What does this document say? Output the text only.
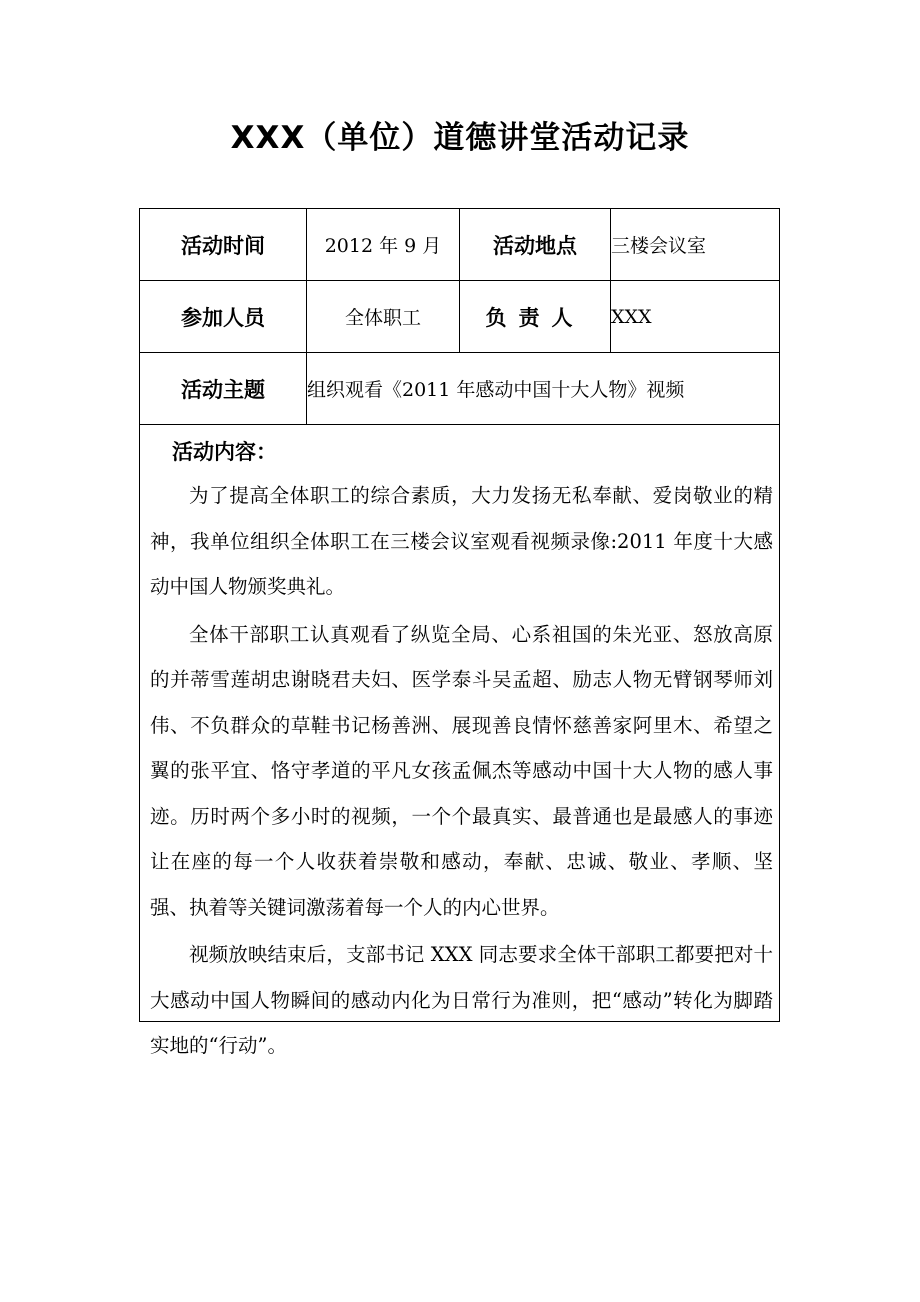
XXX（单位）道德讲堂活动记录
活动时间	2012 年 9 月	活动地点	三楼会议室
参加人员	全体职工	负责人	XXX
活动主题	组织观看《2011 年感动中国十大人物》视频		

活动内容：

为了提高全体职工的综合素质，大力发扬无私奉献、爱岗敬业的精神，我单位组织全体职工在三楼会议室观看视频录像:2011 年度十大感动中国人物颁奖典礼。

全体干部职工认真观看了纵览全局、心系祖国的朱光亚、怒放高原的并蒂雪莲胡忠谢晓君夫妇、医学泰斗吴孟超、励志人物无臂钢琴师刘伟、不负群众的草鞋书记杨善洲、展现善良情怀慈善家阿里木、希望之翼的张平宜、恪守孝道的平凡女孩孟佩杰等感动中国十大人物的感人事迹。历时两个多小时的视频，一个个最真实、最普通也是最感人的事迹让在座的每一个人收获着崇敬和感动，奉献、忠诚、敬业、孝顺、坚强、执着等关键词激荡着每一个人的内心世界。

视频放映结束后，支部书记 XXX 同志要求全体干部职工都要把对十大感动中国人物瞬间的感动内化为日常行为准则，把“感动”转化为脚踏实地的“行动”。			
